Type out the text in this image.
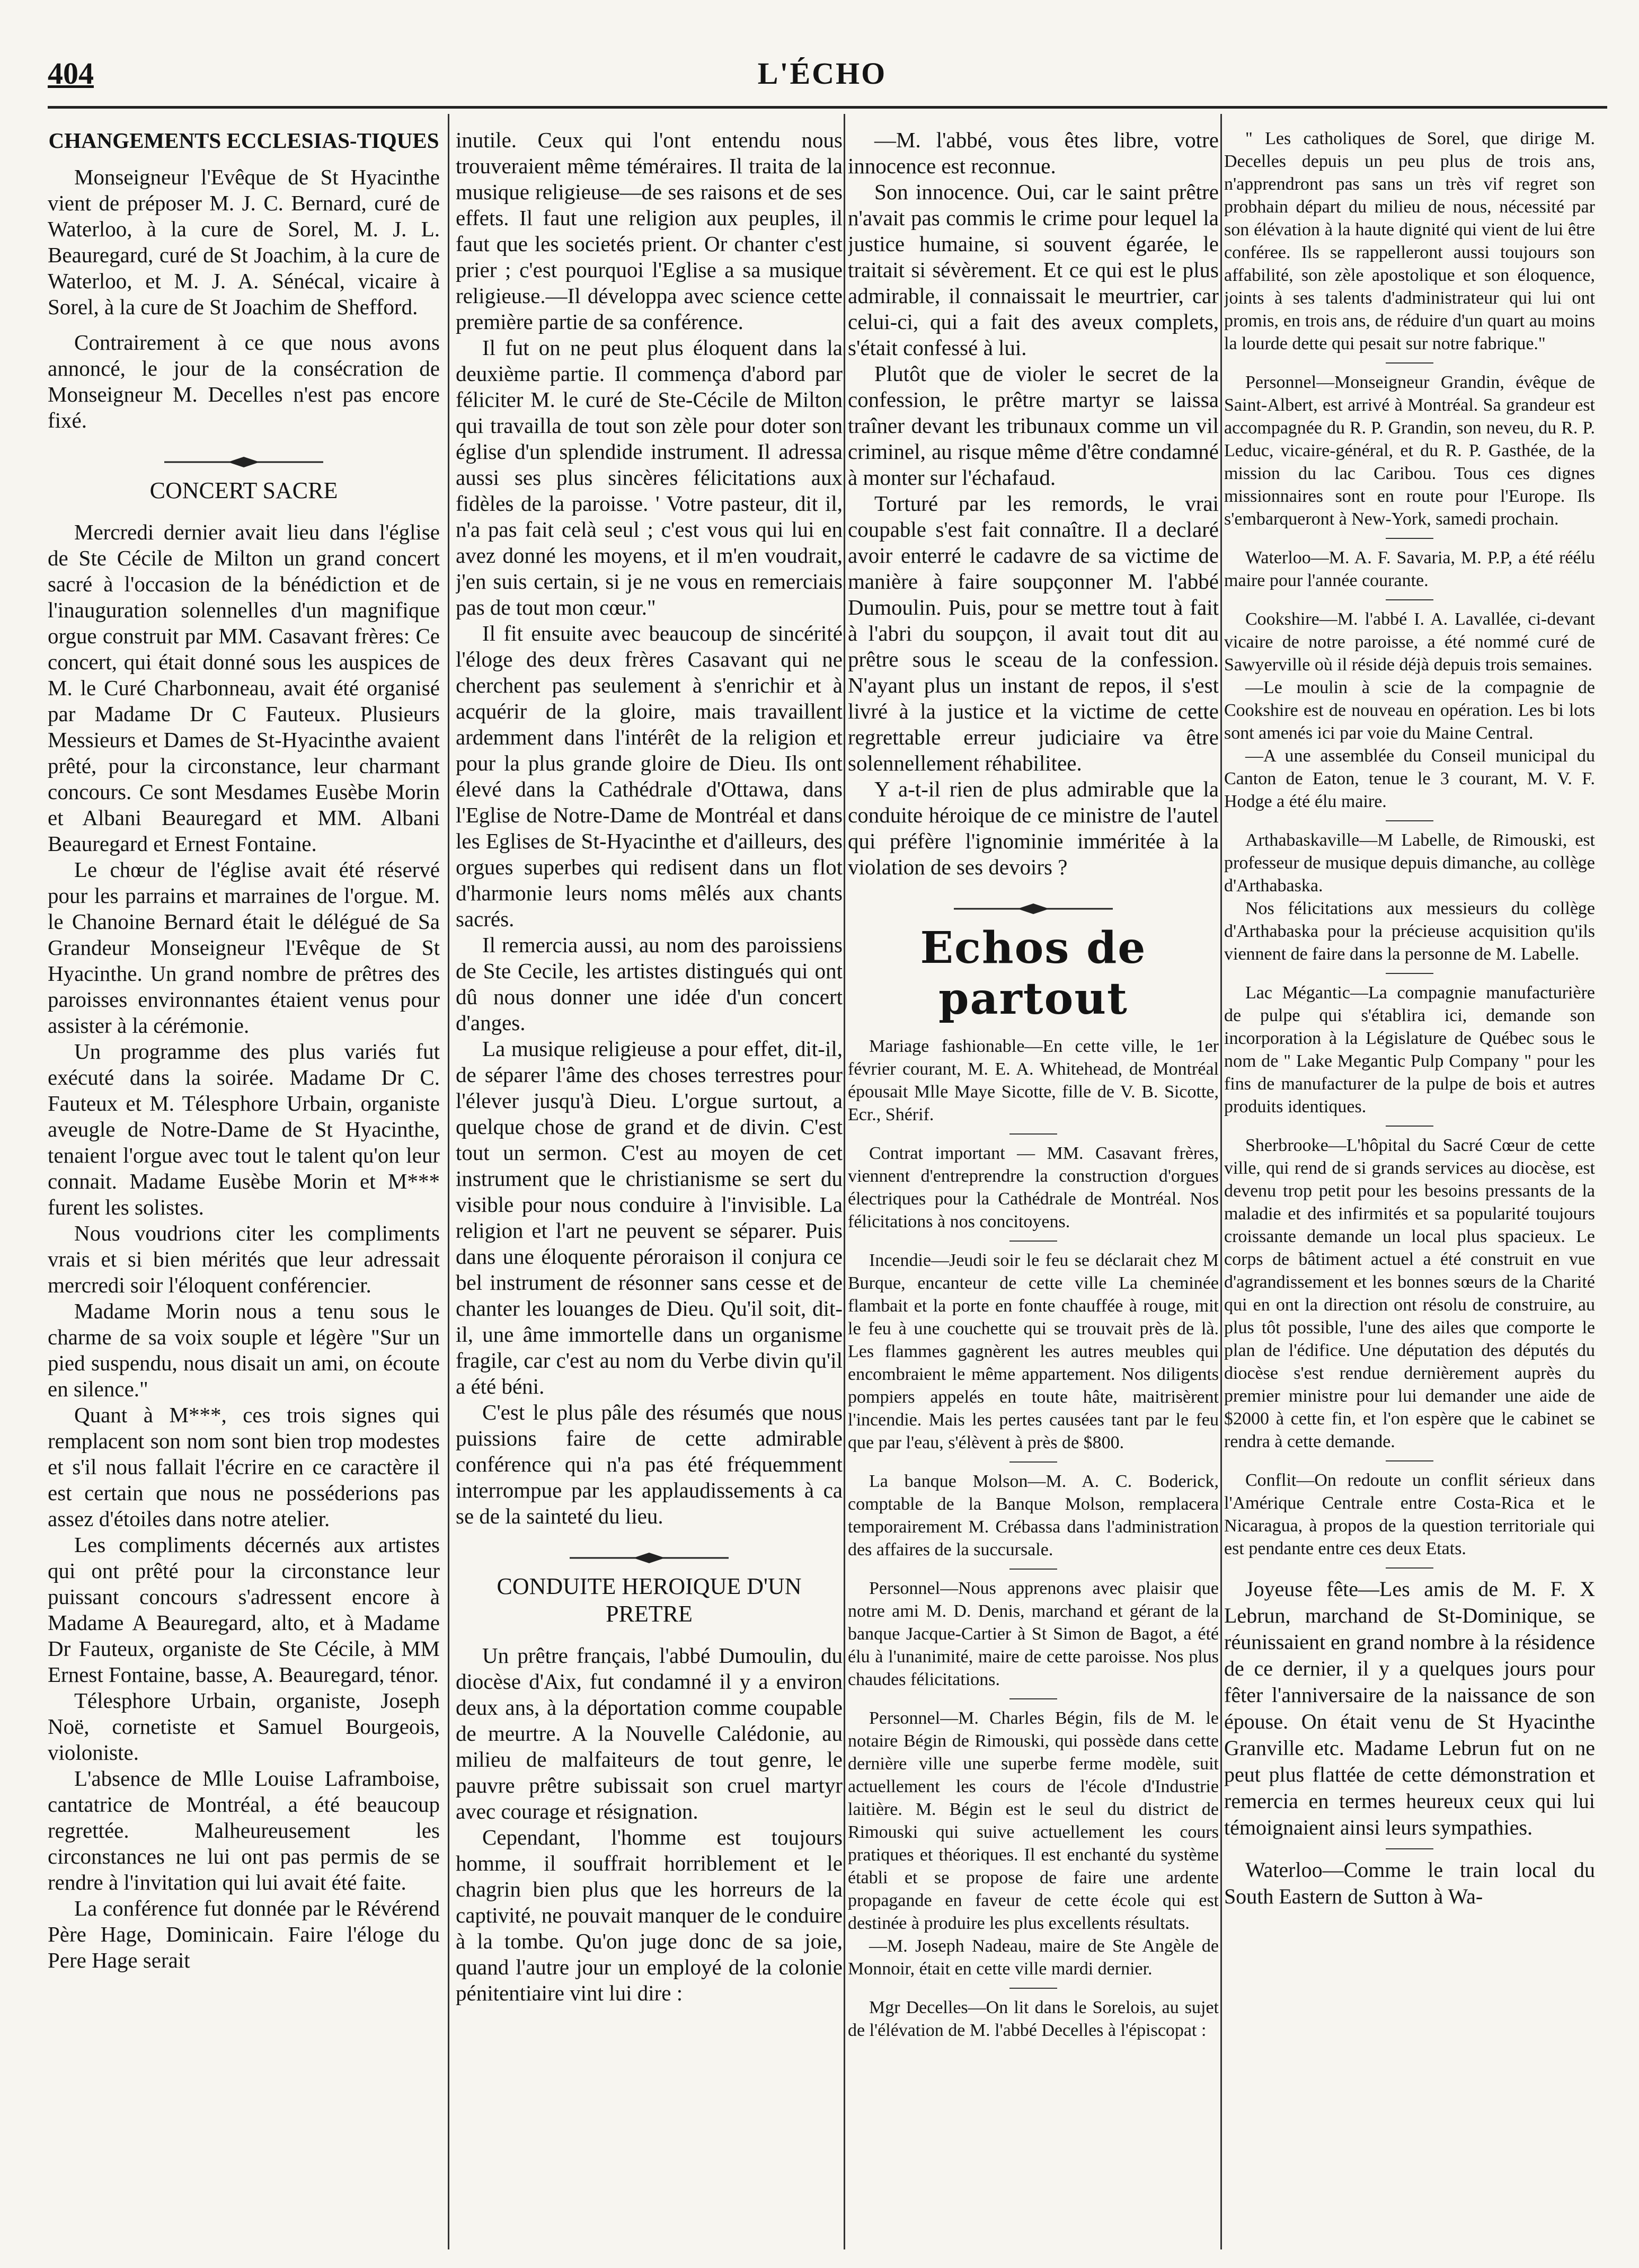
404	L'ÉCHO
CHANGEMENTS ECCLESIAS-TIQUES

Monseigneur l'Evêque de St Hyacinthe vient de préposer M. J. C. Bernard, curé de Waterloo, à la cure de Sorel, M. J. L. Beauregard, curé de St Joachim, à la cure de Waterloo, et M. J. A. Sénécal, vicaire à Sorel, à la cure de St Joachim de Shefford.

Contrairement à ce que nous avons annoncé, le jour de la consécration de Monseigneur M. Decelles n'est pas encore fixé.

CONCERT SACRE

Mercredi dernier avait lieu dans l'église de Ste Cécile de Milton un grand concert sacré à l'occasion de la bénédiction et de l'inauguration solennelles d'un magnifique orgue construit par MM. Casavant frères: Ce concert, qui était donné sous les auspices de M. le Curé Charbonneau, avait été organisé par Madame Dr C Fauteux. Plusieurs Messieurs et Dames de St-Hyacinthe avaient prêté, pour la circonstance, leur charmant concours. Ce sont Mesdames Eusèbe Morin et Albani Beauregard et MM. Albani Beauregard et Ernest Fontaine.

Le chœur de l'église avait été réservé pour les parrains et marraines de l'orgue. M. le Chanoine Bernard était le délégué de Sa Grandeur Monseigneur l'Evêque de St Hyacinthe. Un grand nombre de prêtres des paroisses environnantes étaient venus pour assister à la cérémonie.

Un programme des plus variés fut exécuté dans la soirée. Madame Dr C. Fauteux et M. Télesphore Urbain, organiste aveugle de Notre-Dame de St Hyacinthe, tenaient l'orgue avec tout le talent qu'on leur connait. Madame Eusèbe Morin et M*** furent les solistes.

Nous voudrions citer les compliments vrais et si bien mérités que leur adressait mercredi soir l'éloquent conférencier.

Madame Morin nous a tenu sous le charme de sa voix souple et légère "Sur un pied suspendu, nous disait un ami, on écoute en silence."

Quant à M***, ces trois signes qui remplacent son nom sont bien trop modestes et s'il nous fallait l'écrire en ce caractère il est certain que nous ne posséderions pas assez d'étoiles dans notre atelier.

Les compliments décernés aux artistes qui ont prêté pour la circonstance leur puissant concours s'adressent encore à Madame A Beauregard, alto, et à Madame Dr Fauteux, organiste de Ste Cécile, à MM Ernest Fontaine, basse, A. Beauregard, ténor.

Télesphore Urbain, organiste, Joseph Noë, cornetiste et Samuel Bourgeois, violoniste.

L'absence de Mlle Louise Laframboise, cantatrice de Montréal, a été beaucoup regrettée. Malheureusement les circonstances ne lui ont pas permis de se rendre à l'invitation qui lui avait été faite.

La conférence fut donnée par le Révérend Père Hage, Dominicain. Faire l'éloge du Pere Hage serait

inutile. Ceux qui l'ont entendu nous trouveraient même téméraires. Il traita de la musique religieuse—de ses raisons et de ses effets. Il faut une religion aux peuples, il faut que les societés prient. Or chanter c'est prier ; c'est pourquoi l'Eglise a sa musique religieuse.—Il développa avec science cette première partie de sa conférence.

Il fut on ne peut plus éloquent dans la deuxième partie. Il commença d'abord par féliciter M. le curé de Ste-Cécile de Milton qui travailla de tout son zèle pour doter son église d'un splendide instrument. Il adressa aussi ses plus sincères félicitations aux fidèles de la paroisse. ' Votre pasteur, dit il, n'a pas fait celà seul ; c'est vous qui lui en avez donné les moyens, et il m'en voudrait, j'en suis certain, si je ne vous en remerciais pas de tout mon cœur."

Il fit ensuite avec beaucoup de sincérité l'éloge des deux frères Casavant qui ne cherchent pas seulement à s'enrichir et à acquérir de la gloire, mais travaillent ardemment dans l'intérêt de la religion et pour la plus grande gloire de Dieu. Ils ont élevé dans la Cathédrale d'Ottawa, dans l'Eglise de Notre-Dame de Montréal et dans les Eglises de St-Hyacinthe et d'ailleurs, des orgues superbes qui redisent dans un flot d'harmonie leurs noms mêlés aux chants sacrés.

Il remercia aussi, au nom des paroissiens de Ste Cecile, les artistes distingués qui ont dû nous donner une idée d'un concert d'anges.

La musique religieuse a pour effet, dit-il, de séparer l'âme des choses terrestres pour l'élever jusqu'à Dieu. L'orgue surtout, a quelque chose de grand et de divin. C'est tout un sermon. C'est au moyen de cet instrument que le christianisme se sert du visible pour nous conduire à l'invisible. La religion et l'art ne peuvent se séparer. Puis dans une éloquente péroraison il conjura ce bel instrument de résonner sans cesse et de chanter les louanges de Dieu. Qu'il soit, dit-il, une âme immortelle dans un organisme fragile, car c'est au nom du Verbe divin qu'il a été béni.

C'est le plus pâle des résumés que nous puissions faire de cette admirable conférence qui n'a pas été fréquemment interrompue par les applaudissements à ca se de la sainteté du lieu.

CONDUITE HEROIQUE D'UN PRETRE

Un prêtre français, l'abbé Dumoulin, du diocèse d'Aix, fut condamné il y a environ deux ans, à la déportation comme coupable de meurtre. A la Nouvelle Calédonie, au milieu de malfaiteurs de tout genre, le pauvre prêtre subissait son cruel martyr avec courage et résignation.

Cependant, l'homme est toujours homme, il souffrait horriblement et le chagrin bien plus que les horreurs de la captivité, ne pouvait manquer de le conduire à la tombe. Qu'on juge donc de sa joie, quand l'autre jour un employé de la colonie pénitentiaire vint lui dire :

—M. l'abbé, vous êtes libre, votre innocence est reconnue.

Son innocence. Oui, car le saint prêtre n'avait pas commis le crime pour lequel la justice humaine, si souvent égarée, le traitait si sévèrement. Et ce qui est le plus admirable, il connaissait le meurtrier, car celui-ci, qui a fait des aveux complets, s'était confessé à lui.

Plutôt que de violer le secret de la confession, le prêtre martyr se laissa traîner devant les tribunaux comme un vil criminel, au risque même d'être condamné à monter sur l'échafaud.

Torturé par les remords, le vrai coupable s'est fait connaître. Il a declaré avoir enterré le cadavre de sa victime de manière à faire soupçonner M. l'abbé Dumoulin. Puis, pour se mettre tout à fait à l'abri du soupçon, il avait tout dit au prêtre sous le sceau de la confession. N'ayant plus un instant de repos, il s'est livré à la justice et la victime de cette regrettable erreur judiciaire va être solennellement réhabilitee.

Y a-t-il rien de plus admirable que la conduite héroique de ce ministre de l'autel qui préfère l'ignominie imméritée à la violation de ses devoirs ?

Echos de partout

Mariage fashionable—En cette ville, le 1er février courant, M. E. A. Whitehead, de Montréal épousait Mlle Maye Sicotte, fille de V. B. Sicotte, Ecr., Shérif.

Contrat important — MM. Casavant frères, viennent d'entreprendre la construction d'orgues électriques pour la Cathédrale de Montréal. Nos félicitations à nos concitoyens.

Incendie—Jeudi soir le feu se déclarait chez M Burque, encanteur de cette ville La cheminée flambait et la porte en fonte chauffée à rouge, mit le feu à une couchette qui se trouvait près de là. Les flammes gagnèrent les autres meubles qui encombraient le même appartement. Nos diligents pompiers appelés en toute hâte, maitrisèrent l'incendie. Mais les pertes causées tant par le feu que par l'eau, s'élèvent à près de $800.

La banque Molson—M. A. C. Boderick, comptable de la Banque Molson, remplacera temporairement M. Crébassa dans l'administration des affaires de la succursale.

Personnel—Nous apprenons avec plaisir que notre ami M. D. Denis, marchand et gérant de la banque Jacque-Cartier à St Simon de Bagot, a été élu à l'unanimité, maire de cette paroisse. Nos plus chaudes félicitations.

Personnel—M. Charles Bégin, fils de M. le notaire Bégin de Rimouski, qui possède dans cette dernière ville une superbe ferme modèle, suit actuellement les cours de l'école d'Industrie laitière. M. Bégin est le seul du district de Rimouski qui suive actuellement les cours pratiques et théoriques. Il est enchanté du système établi et se propose de faire une ardente propagande en faveur de cette école qui est destinée à produire les plus excellents résultats.

—M. Joseph Nadeau, maire de Ste Angèle de Monnoir, était en cette ville mardi dernier.

Mgr Decelles—On lit dans le Sorelois, au sujet de l'élévation de M. l'abbé Decelles à l'épiscopat :

" Les catholiques de Sorel, que dirige M. Decelles depuis un peu plus de trois ans, n'apprendront pas sans un très vif regret son probhain départ du milieu de nous, nécessité par son élévation à la haute dignité qui vient de lui être conféree. Ils se rappelleront aussi toujours son affabilité, son zèle apostolique et son éloquence, joints à ses talents d'administrateur qui lui ont promis, en trois ans, de réduire d'un quart au moins la lourde dette qui pesait sur notre fabrique."

Personnel—Monseigneur Grandin, évêque de Saint-Albert, est arrivé à Montréal. Sa grandeur est accompagnée du R. P. Grandin, son neveu, du R. P. Leduc, vicaire-général, et du R. P. Gasthée, de la mission du lac Caribou. Tous ces dignes missionnaires sont en route pour l'Europe. Ils s'embarqueront à New-York, samedi prochain.

Waterloo—M. A. F. Savaria, M. P.P, a été réélu maire pour l'année courante.

Cookshire—M. l'abbé I. A. Lavallée, ci-devant vicaire de notre paroisse, a été nommé curé de Sawyerville où il réside déjà depuis trois semaines.

—Le moulin à scie de la compagnie de Cookshire est de nouveau en opération. Les bi lots sont amenés ici par voie du Maine Central.

—A une assemblée du Conseil municipal du Canton de Eaton, tenue le 3 courant, M. V. F. Hodge a été élu maire.

Arthabaskaville—M Labelle, de Rimouski, est professeur de musique depuis dimanche, au collège d'Arthabaska.

Nos félicitations aux messieurs du collège d'Arthabaska pour la précieuse acquisition qu'ils viennent de faire dans la personne de M. Labelle.

Lac Mégantic—La compagnie manufacturière de pulpe qui s'établira ici, demande son incorporation à la Législature de Québec sous le nom de " Lake Megantic Pulp Company " pour les fins de manufacturer de la pulpe de bois et autres produits identiques.

Sherbrooke—L'hôpital du Sacré Cœur de cette ville, qui rend de si grands services au diocèse, est devenu trop petit pour les besoins pressants de la maladie et des infirmités et sa popularité toujours croissante demande un local plus spacieux. Le corps de bâtiment actuel a été construit en vue d'agrandissement et les bonnes sœurs de la Charité qui en ont la direction ont résolu de construire, au plus tôt possible, l'une des ailes que comporte le plan de l'édifice. Une députation des députés du diocèse s'est rendue dernièrement auprès du premier ministre pour lui demander une aide de $2000 à cette fin, et l'on espère que le cabinet se rendra à cette demande.

Conflit—On redoute un conflit sérieux dans l'Amérique Centrale entre Costa-Rica et le Nicaragua, à propos de la question territoriale qui est pendante entre ces deux Etats.

Joyeuse fête—Les amis de M. F. X Lebrun, marchand de St-Dominique, se réunissaient en grand nombre à la résidence de ce dernier, il y a quelques jours pour fêter l'anniversaire de la naissance de son épouse. On était venu de St Hyacinthe Granville etc. Madame Lebrun fut on ne peut plus flattée de cette démonstration et remercia en termes heureux ceux qui lui témoignaient ainsi leurs sympathies.

Waterloo—Comme le train local du South Eastern de Sutton à Wa-
